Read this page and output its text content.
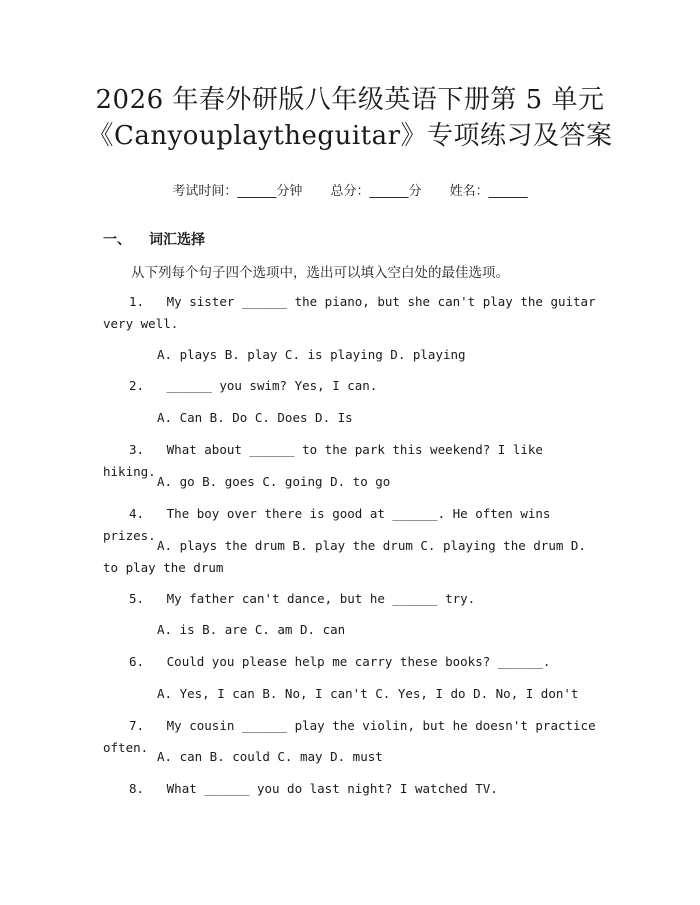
2026 年春外研版八年级英语下册第 5 单元
《Canyouplaytheguitar》专项练习及答案
考试时间：______分钟 总分：______分 姓名：______
一、 词汇选择
从下列每个句子四个选项中，选出可以填入空白处的最佳选项。
1. My sister ______ the piano, but she can't play the guitar very well.
A. plays B. play C. is playing D. playing
2. ______ you swim? Yes, I can.
A. Can B. Do C. Does D. Is
3. What about ______ to the park this weekend? I like hiking.
A. go B. goes C. going D. to go
4. The boy over there is good at ______. He often wins prizes.
A. plays the drum B. play the drum C. playing the drum D. to play the drum
5. My father can't dance, but he ______ try.
A. is B. are C. am D. can
6. Could you please help me carry these books? ______.
A. Yes, I can B. No, I can't C. Yes, I do D. No, I don't
7. My cousin ______ play the violin, but he doesn't practice often.
A. can B. could C. may D. must
8. What ______ you do last night? I watched TV.
